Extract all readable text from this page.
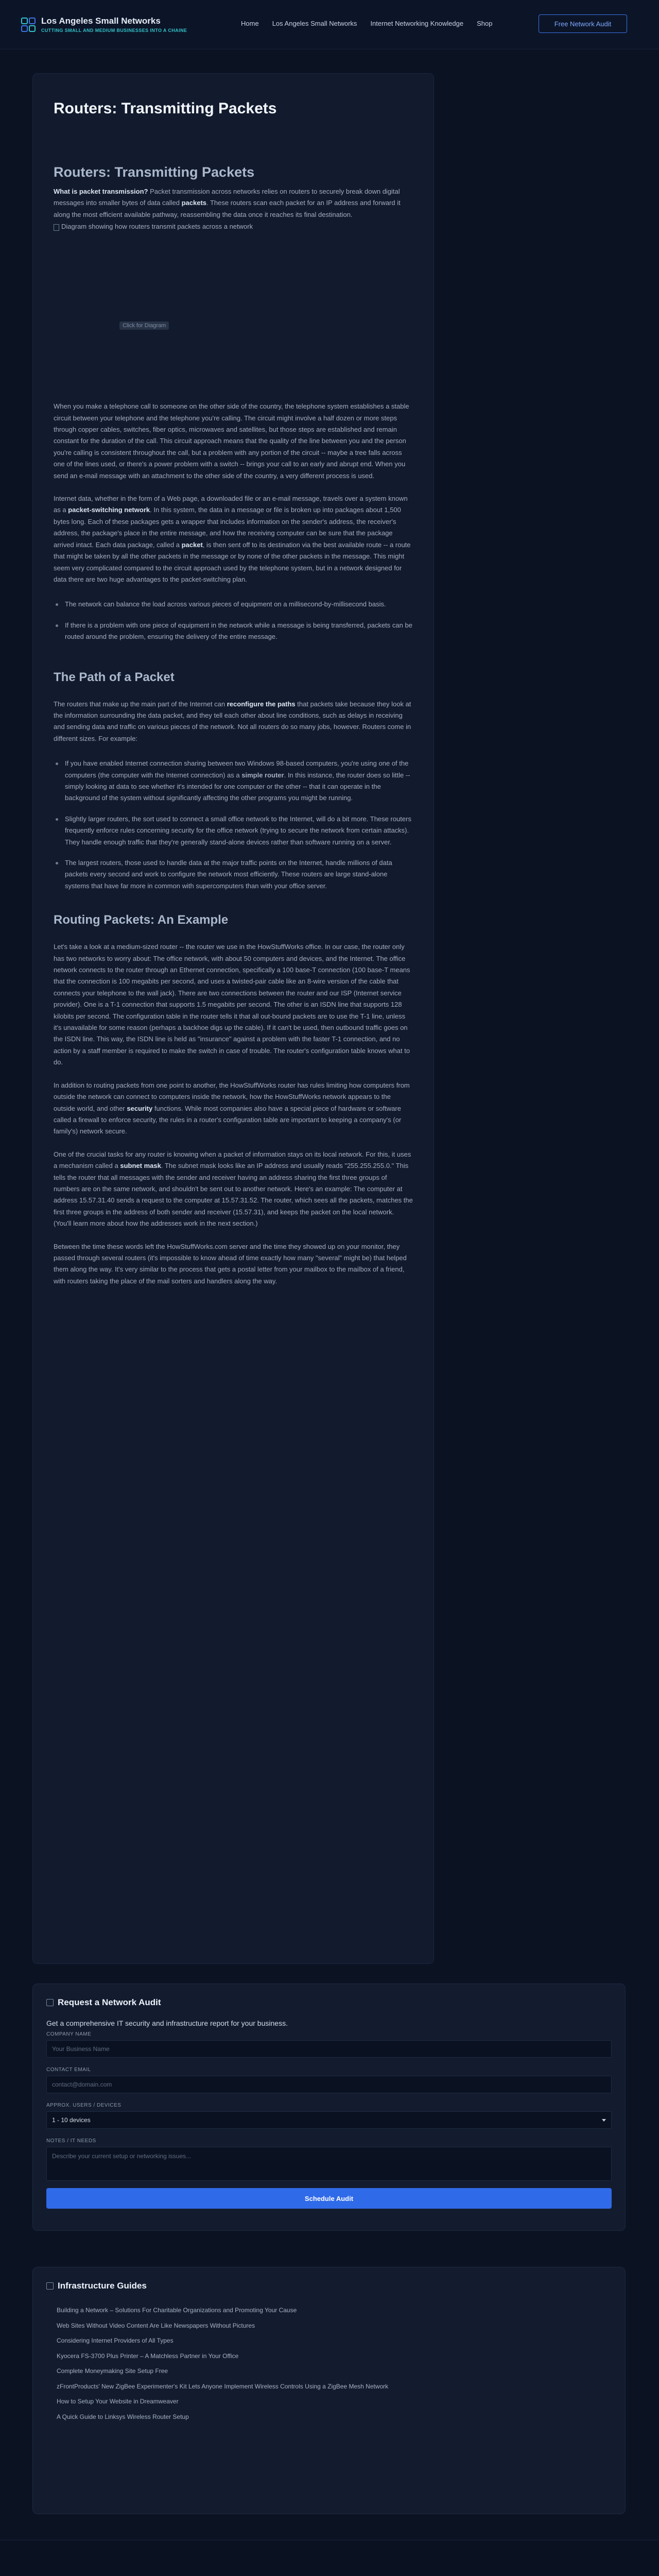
Los Angeles Small Networks
CUTTING SMALL AND MEDIUM BUSINESSES INTO A CHAINE
Home Los Angeles Small Networks Internet Networking Knowledge Shop	Free Network Audit
Routers: Transmitting Packets
Routers: Transmitting Packets

What is packet transmission? Packet transmission across networks relies on routers to securely break down digital messages into smaller bytes of data called packets. These routers scan each packet for an IP address and forward it along the most efficient available pathway, reassembling the data once it reaches its final destination.

Diagram showing how routers transmit packets across a network
Click for Diagram

When you make a telephone call to someone on the other side of the country, the telephone system establishes a stable circuit between your telephone and the telephone you're calling. The circuit might involve a half dozen or more steps through copper cables, switches, fiber optics, microwaves and satellites, but those steps are established and remain constant for the duration of the call. This circuit approach means that the quality of the line between you and the person you're calling is consistent throughout the call, but a problem with any portion of the circuit -- maybe a tree falls across one of the lines used, or there's a power problem with a switch -- brings your call to an early and abrupt end. When you send an e-mail message with an attachment to the other side of the country, a very different process is used.

Internet data, whether in the form of a Web page, a downloaded file or an e-mail message, travels over a system known as a packet-switching network. In this system, the data in a message or file is broken up into packages about 1,500 bytes long. Each of these packages gets a wrapper that includes information on the sender's address, the receiver's address, the package's place in the entire message, and how the receiving computer can be sure that the package arrived intact. Each data package, called a packet, is then sent off to its destination via the best available route -- a route that might be taken by all the other packets in the message or by none of the other packets in the message. This might seem very complicated compared to the circuit approach used by the telephone system, but in a network designed for data there are two huge advantages to the packet-switching plan.

The network can balance the load across various pieces of equipment on a millisecond-by-millisecond basis.
If there is a problem with one piece of equipment in the network while a message is being transferred, packets can be routed around the problem, ensuring the delivery of the entire message.
The Path of a Packet

The routers that make up the main part of the Internet can reconfigure the paths that packets take because they look at the information surrounding the data packet, and they tell each other about line conditions, such as delays in receiving and sending data and traffic on various pieces of the network. Not all routers do so many jobs, however. Routers come in different sizes. For example:

If you have enabled Internet connection sharing between two Windows 98-based computers, you're using one of the computers (the computer with the Internet connection) as a simple router. In this instance, the router does so little -- simply looking at data to see whether it's intended for one computer or the other -- that it can operate in the background of the system without significantly affecting the other programs you might be running.
Slightly larger routers, the sort used to connect a small office network to the Internet, will do a bit more. These routers frequently enforce rules concerning security for the office network (trying to secure the network from certain attacks). They handle enough traffic that they're generally stand-alone devices rather than software running on a server.
The largest routers, those used to handle data at the major traffic points on the Internet, handle millions of data packets every second and work to configure the network most efficiently. These routers are large stand-alone systems that have far more in common with supercomputers than with your office server.
Routing Packets: An Example

Let's take a look at a medium-sized router -- the router we use in the HowStuffWorks office. In our case, the router only has two networks to worry about: The office network, with about 50 computers and devices, and the Internet. The office network connects to the router through an Ethernet connection, specifically a 100 base-T connection (100 base-T means that the connection is 100 megabits per second, and uses a twisted-pair cable like an 8-wire version of the cable that connects your telephone to the wall jack). There are two connections between the router and our ISP (Internet service provider). One is a T-1 connection that supports 1.5 megabits per second. The other is an ISDN line that supports 128 kilobits per second. The configuration table in the router tells it that all out-bound packets are to use the T-1 line, unless it's unavailable for some reason (perhaps a backhoe digs up the cable). If it can't be used, then outbound traffic goes on the ISDN line. This way, the ISDN line is held as "insurance" against a problem with the faster T-1 connection, and no action by a staff member is required to make the switch in case of trouble. The router's configuration table knows what to do.

In addition to routing packets from one point to another, the HowStuffWorks router has rules limiting how computers from outside the network can connect to computers inside the network, how the HowStuffWorks network appears to the outside world, and other security functions. While most companies also have a special piece of hardware or software called a firewall to enforce security, the rules in a router's configuration table are important to keeping a company's (or family's) network secure.

One of the crucial tasks for any router is knowing when a packet of information stays on its local network. For this, it uses a mechanism called a subnet mask. The subnet mask looks like an IP address and usually reads "255.255.255.0." This tells the router that all messages with the sender and receiver having an address sharing the first three groups of numbers are on the same network, and shouldn't be sent out to another network. Here's an example: The computer at address 15.57.31.40 sends a request to the computer at 15.57.31.52. The router, which sees all the packets, matches the first three groups in the address of both sender and receiver (15.57.31), and keeps the packet on the local network. (You'll learn more about how the addresses work in the next section.)

Between the time these words left the HowStuffWorks.com server and the time they showed up on your monitor, they passed through several routers (it's impossible to know ahead of time exactly how many "several" might be) that helped them along the way. It's very similar to the process that gets a postal letter from your mailbox to the mailbox of a friend, with routers taking the place of the mail sorters and handlers along the way.

Request a Network Audit
Get a comprehensive IT security and infrastructure report for your business.
COMPANY NAME
Your Business Name
CONTACT EMAIL
contact@domain.com
APPROX. USERS / DEVICES
1 - 10 devices
NOTES / IT NEEDS
Describe your current setup or networking issues...
Schedule Audit
Infrastructure Guides
Building a Network – Solutions For Charitable Organizations and Promoting Your Cause
Web Sites Without Video Content Are Like Newspapers Without Pictures
Considering Internet Providers of All Types
Kyocera FS-3700 Plus Printer – A Matchless Partner in Your Office
Complete Moneymaking Site Setup Free
zFrontProducts' New ZigBee Experimenter's Kit Lets Anyone Implement Wireless Controls Using a ZigBee Mesh Network
How to Setup Your Website in Dreamweaver
A Quick Guide to Linksys Wireless Router Setup
